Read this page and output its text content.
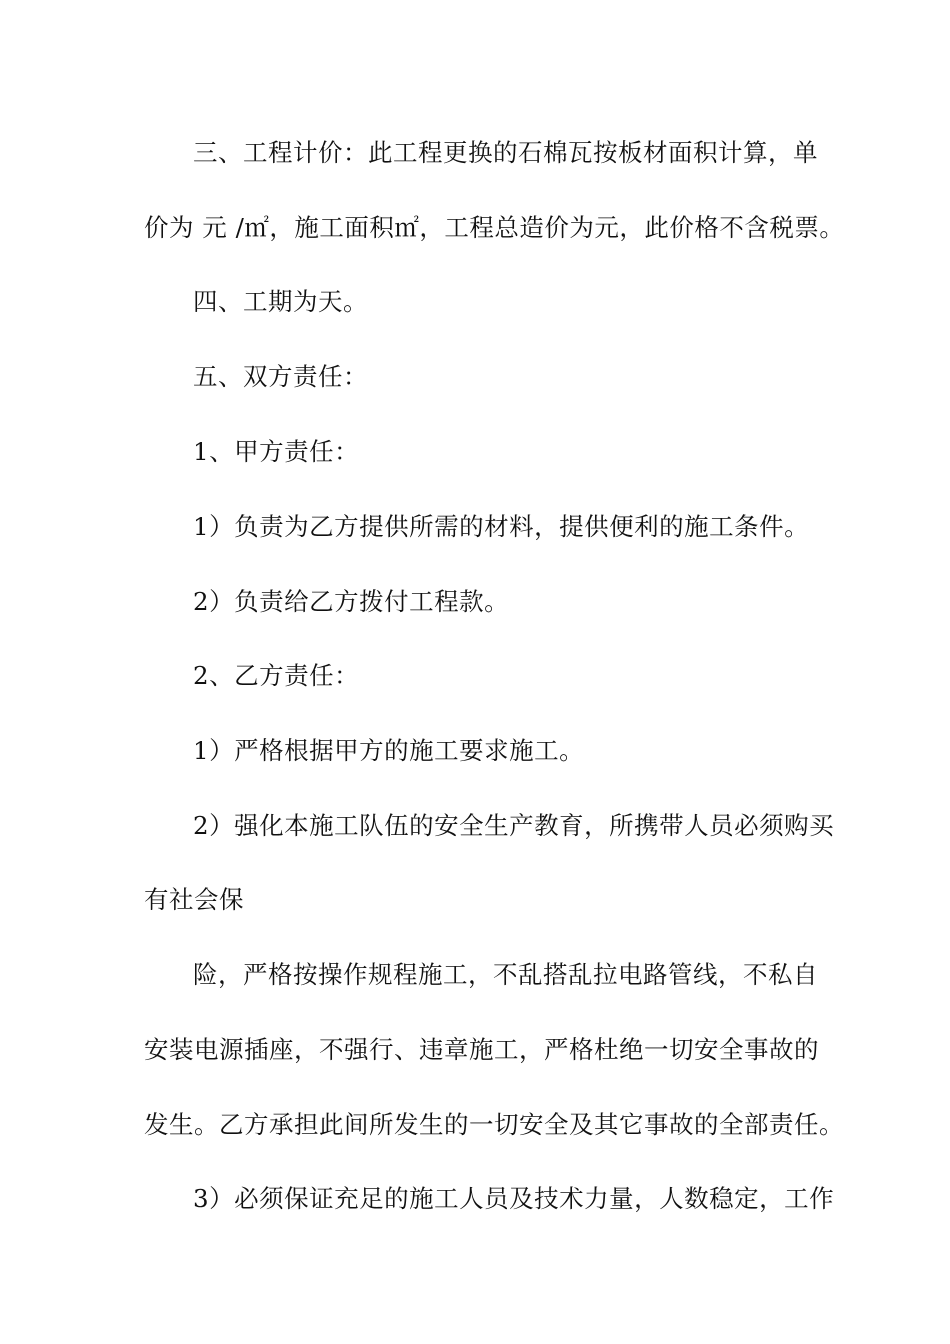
三、工程计价：此工程更换的石棉瓦按板材面积计算，单
价为 元 /㎡，施工面积㎡，工程总造价为元，此价格不含税票。
四、工期为天。
五、双方责任：
1、甲方责任：
1）负责为乙方提供所需的材料，提供便利的施工条件。
2）负责给乙方拨付工程款。
2、乙方责任：
1）严格根据甲方的施工要求施工。
2）强化本施工队伍的安全生产教育，所携带人员必须购买
有社会保
险，严格按操作规程施工，不乱搭乱拉电路管线，不私自
安装电源插座，不强行、违章施工，严格杜绝一切安全事故的
发生。乙方承担此间所发生的一切安全及其它事故的全部责任。
3）必须保证充足的施工人员及技术力量，人数稳定，工作
